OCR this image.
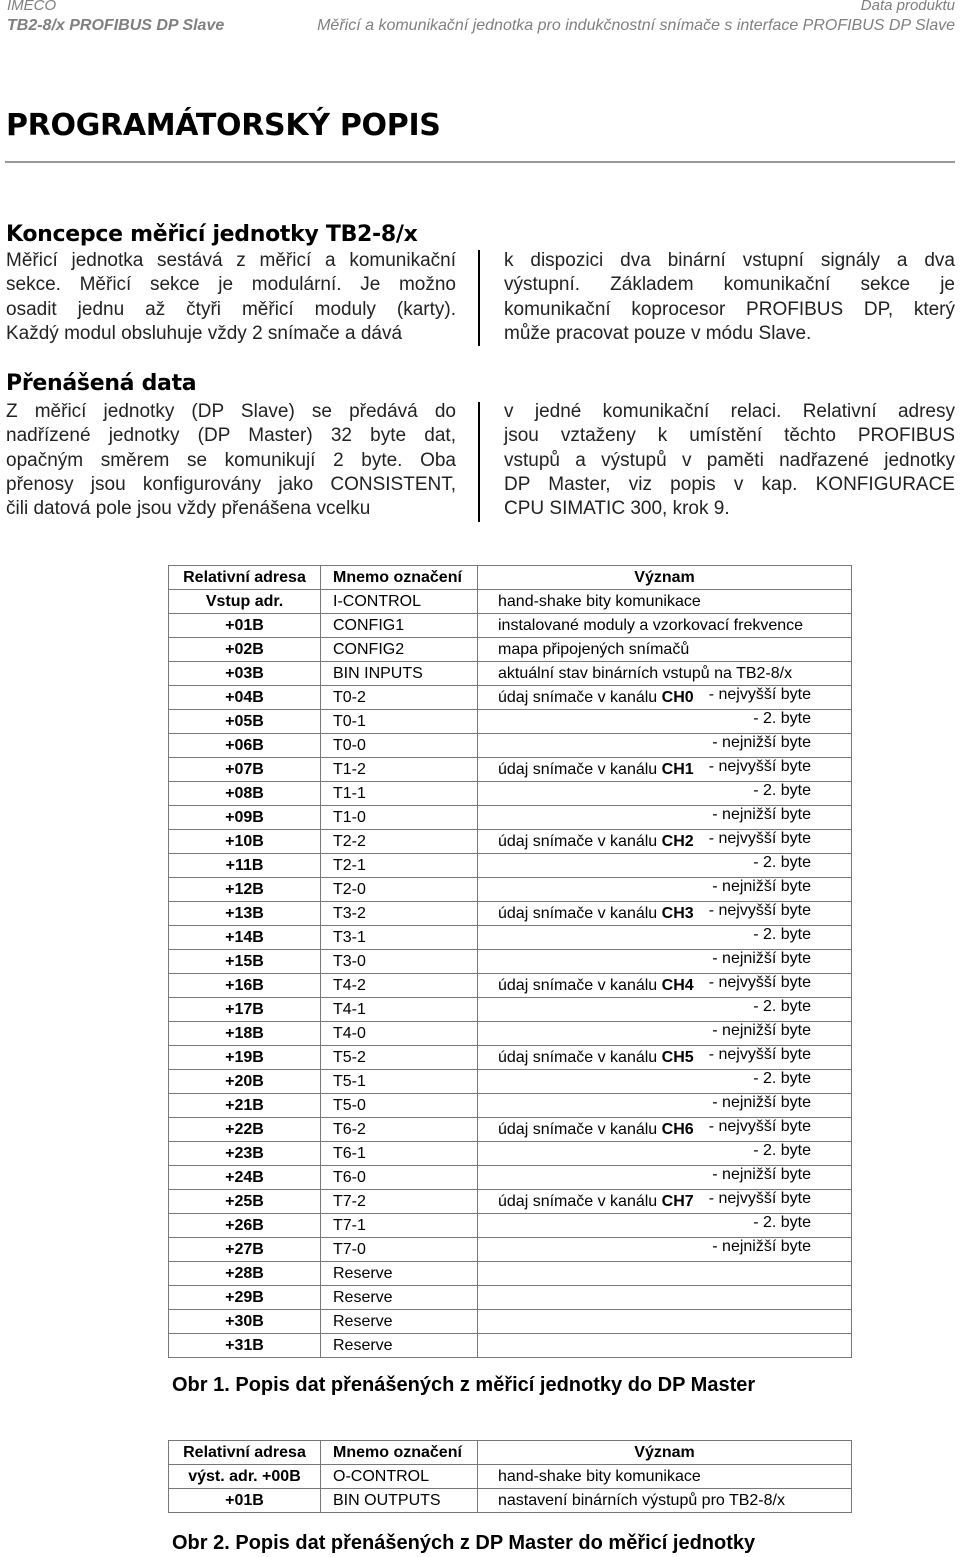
IMECO	Data produktu
TB2-8/x PROFIBUS DP Slave	Měřicí a komunikační jednotka pro indukčnostní snímače s interface PROFIBUS DP Slave
PROGRAMÁTORSKÝ POPIS
Koncepce měřicí jednotky TB2-8/x
Měřicí jednotka sestává z měřicí a komunikační
sekce. Měřicí sekce je modulární. Je možno
osadit jednu až čtyři měřicí moduly (karty).
Každý modul obsluhuje vždy 2 snímače a dává
k dispozici dva binární vstupní signály a dva
výstupní. Základem komunikační sekce je
komunikační koprocesor PROFIBUS DP, který
může pracovat pouze v módu Slave.
Přenášená data
Z měřicí jednotky (DP Slave) se předává do
nadřízené jednotky (DP Master) 32 byte dat,
opačným směrem se komunikují 2 byte. Oba
přenosy jsou konfigurovány jako CONSISTENT,
čili datová pole jsou vždy přenášena vcelku
v jedné komunikační relaci. Relativní adresy
jsou vztaženy k umístění těchto PROFIBUS
vstupů a výstupů v paměti nadřazené jednotky
DP Master, viz popis v kap. KONFIGURACE
CPU SIMATIC 300, krok 9.
Relativní adresa	Mnemo označení	Význam
Vstup adr.	I-CONTROL	hand-shake bity komunikace
+01B	CONFIG1	instalované moduly a vzorkovací frekvence
+02B	CONFIG2	mapa připojených snímačů
+03B	BIN INPUTS	aktuální stav binárních vstupů na TB2-8/x
+04B	T0-2	údaj snímače v kanálu CH0 - nejvyšší byte

+05B	T0-1	- 2. byte

+06B	T0-0	- nejnižší byte

+07B	T1-2	údaj snímače v kanálu CH1 - nejvyšší byte

+08B	T1-1	- 2. byte

+09B	T1-0	- nejnižší byte

+10B	T2-2	údaj snímače v kanálu CH2 - nejvyšší byte

+11B	T2-1	- 2. byte

+12B	T2-0	- nejnižší byte

+13B	T3-2	údaj snímače v kanálu CH3 - nejvyšší byte

+14B	T3-1	- 2. byte

+15B	T3-0	- nejnižší byte

+16B	T4-2	údaj snímače v kanálu CH4 - nejvyšší byte

+17B	T4-1	- 2. byte

+18B	T4-0	- nejnižší byte

+19B	T5-2	údaj snímače v kanálu CH5 - nejvyšší byte

+20B	T5-1	- 2. byte

+21B	T5-0	- nejnižší byte

+22B	T6-2	údaj snímače v kanálu CH6 - nejvyšší byte

+23B	T6-1	- 2. byte

+24B	T6-0	- nejnižší byte

+25B	T7-2	údaj snímače v kanálu CH7 - nejvyšší byte

+26B	T7-1	- 2. byte

+27B	T7-0	- nejnižší byte

+28B	Reserve	
+29B	Reserve	
+30B	Reserve	
+31B	Reserve	
Obr 1. Popis dat přenášených z měřicí jednotky do DP Master
Relativní adresa	Mnemo označení	Význam
výst. adr. +00B	O-CONTROL	hand-shake bity komunikace
+01B	BIN OUTPUTS	nastavení binárních výstupů pro TB2-8/x
Obr 2. Popis dat přenášených z DP Master do měřicí jednotky
